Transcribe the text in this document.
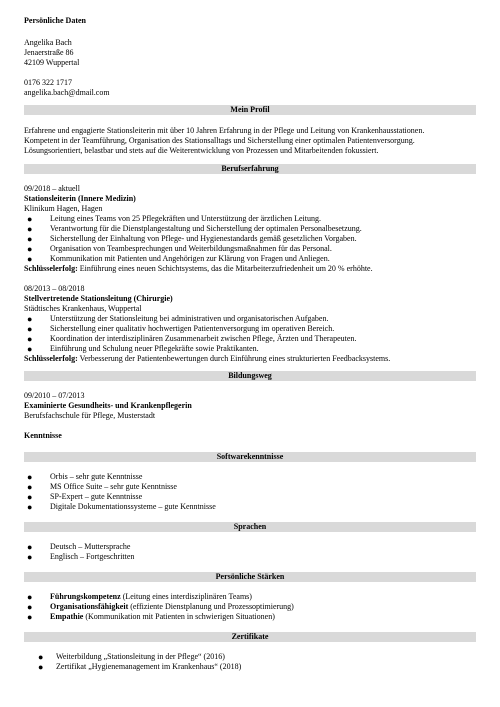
Persönliche Daten
Angelika Bach
Jenaerstraße 86
42109 Wuppertal
0176 322 1717
angelika.bach@dmail.com
Mein Profil
Erfahrene und engagierte Stationsleiterin mit über 10 Jahren Erfahrung in der Pflege und Leitung von Krankenhausstationen.
Kompetent in der Teamführung, Organisation des Stationsalltags und Sicherstellung einer optimalen Patientenversorgung.
Lösungsorientiert, belastbar und stets auf die Weiterentwicklung von Prozessen und Mitarbeitenden fokussiert.
Berufserfahrung
09/2018 – aktuell
Stationsleiterin (Innere Medizin)
Klinikum Hagen, Hagen
● Leitung eines Teams von 25 Pflegekräften und Unterstützung der ärztlichen Leitung.
● Verantwortung für die Dienstplangestaltung und Sicherstellung der optimalen Personalbesetzung.
● Sicherstellung der Einhaltung von Pflege- und Hygienestandards gemäß gesetzlichen Vorgaben.
● Organisation von Teambesprechungen und Weiterbildungsmaßnahmen für das Personal.
● Kommunikation mit Patienten und Angehörigen zur Klärung von Fragen und Anliegen.
Schlüsselerfolg: Einführung eines neuen Schichtsystems, das die Mitarbeiterzufriedenheit um 20 % erhöhte.
08/2013 – 08/2018
Stellvertretende Stationsleitung (Chirurgie)
Städtisches Krankenhaus, Wuppertal
● Unterstützung der Stationsleitung bei administrativen und organisatorischen Aufgaben.
● Sicherstellung einer qualitativ hochwertigen Patientenversorgung im operativen Bereich.
● Koordination der interdisziplinären Zusammenarbeit zwischen Pflege, Ärzten und Therapeuten.
● Einführung und Schulung neuer Pflegekräfte sowie Praktikanten.
Schlüsselerfolg: Verbesserung der Patientenbewertungen durch Einführung eines strukturierten Feedbacksystems.
Bildungsweg
09/2010 – 07/2013
Examinierte Gesundheits- und Krankenpflegerin
Berufsfachschule für Pflege, Musterstadt
Kenntnisse
Softwarekenntnisse
● Orbis – sehr gute Kenntnisse
● MS Office Suite – sehr gute Kenntnisse
● SP-Expert – gute Kenntnisse
● Digitale Dokumentationssysteme – gute Kenntnisse
Sprachen
● Deutsch – Muttersprache
● Englisch – Fortgeschritten
Persönliche Stärken
● Führungskompetenz (Leitung eines interdisziplinären Teams)
● Organisationsfähigkeit (effiziente Dienstplanung und Prozessoptimierung)
● Empathie (Kommunikation mit Patienten in schwierigen Situationen)
Zertifikate
● Weiterbildung „Stationsleitung in der Pflege“ (2016)
● Zertifikat „Hygienemanagement im Krankenhaus“ (2018)
